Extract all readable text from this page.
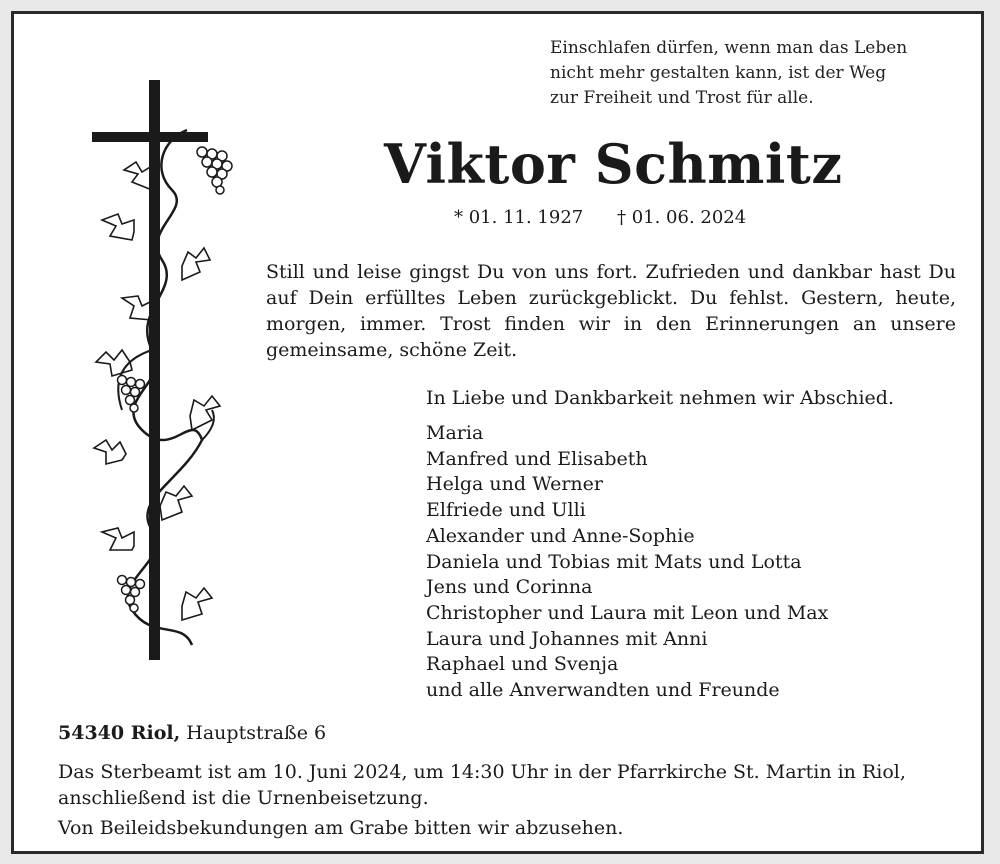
Einschlafen dürfen, wenn man das Leben
nicht mehr gestalten kann, ist der Weg
zur Freiheit und Trost für alle.
Viktor Schmitz
* 01. 11. 1927 † 01. 06. 2024
Still und leise gingst Du von uns fort. Zufrieden und dankbar hast Du auf Dein erfülltes Leben zurückgeblickt. Du fehlst. Gestern, heute, morgen, immer. Trost finden wir in den Erinnerungen an unsere gemeinsame, schöne Zeit.
In Liebe und Dankbarkeit nehmen wir Abschied.
Maria
Manfred und Elisabeth
Helga und Werner
Elfriede und Ulli
Alexander und Anne-Sophie
Daniela und Tobias mit Mats und Lotta
Jens und Corinna
Christopher und Laura mit Leon und Max
Laura und Johannes mit Anni
Raphael und Svenja
und alle Anverwandten und Freunde
54340 Riol, Hauptstraße 6
Das Sterbeamt ist am 10. Juni 2024, um 14:30 Uhr in der Pfarrkirche St. Martin in Riol,
anschließend ist die Urnenbeisetzung.
Von Beileidsbekundungen am Grabe bitten wir abzusehen.
